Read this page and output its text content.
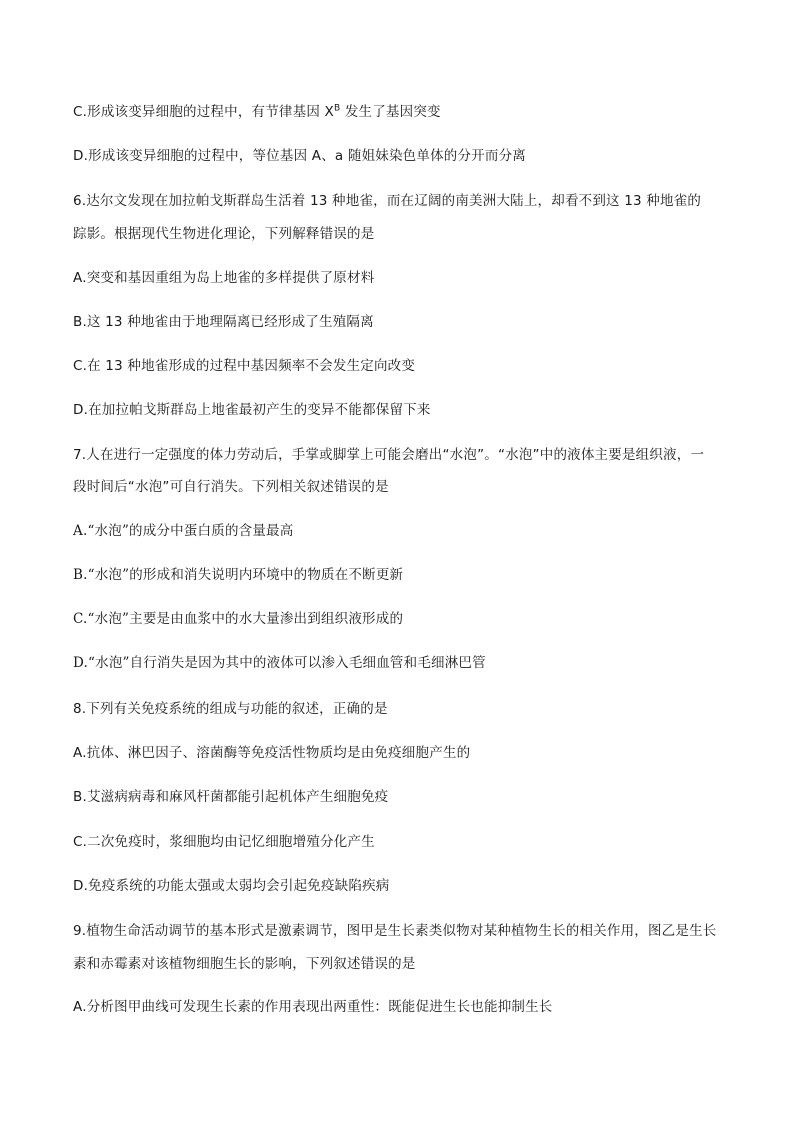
C.形成该变异细胞的过程中，有节律基因 $X^B$ 发生了基因突变
D.形成该变异细胞的过程中，等位基因 A、a 随姐妹染色单体的分开而分离
6.达尔文发现在加拉帕戈斯群岛生活着 13 种地雀，而在辽阔的南美洲大陆上，却看不到这 13 种地雀的
踪影。根据现代生物进化理论，下列解释错误的是
A.突变和基因重组为岛上地雀的多样提供了原材料
B.这 13 种地雀由于地理隔离已经形成了生殖隔离
C.在 13 种地雀形成的过程中基因频率不会发生定向改变
D.在加拉帕戈斯群岛上地雀最初产生的变异不能都保留下来
7.人在进行一定强度的体力劳动后，手掌或脚掌上可能会磨出“水泡”。“水泡”中的液体主要是组织液，一
段时间后“水泡”可自行消失。下列相关叙述错误的是
A.“水泡”的成分中蛋白质的含量最高
B.“水泡”的形成和消失说明内环境中的物质在不断更新
C.“水泡”主要是由血浆中的水大量渗出到组织液形成的
D.“水泡”自行消失是因为其中的液体可以渗入毛细血管和毛细淋巴管
8.下列有关免疫系统的组成与功能的叙述，正确的是
A.抗体、淋巴因子、溶菌酶等免疫活性物质均是由免疫细胞产生的
B.艾滋病病毒和麻风杆菌都能引起机体产生细胞免疫
C.二次免疫时，浆细胞均由记忆细胞增殖分化产生
D.免疫系统的功能太强或太弱均会引起免疫缺陷疾病
9.植物生命活动调节的基本形式是激素调节，图甲是生长素类似物对某种植物生长的相关作用，图乙是生长
素和赤霉素对该植物细胞生长的影响，下列叙述错误的是
A.分析图甲曲线可发现生长素的作用表现出两重性：既能促进生长也能抑制生长
